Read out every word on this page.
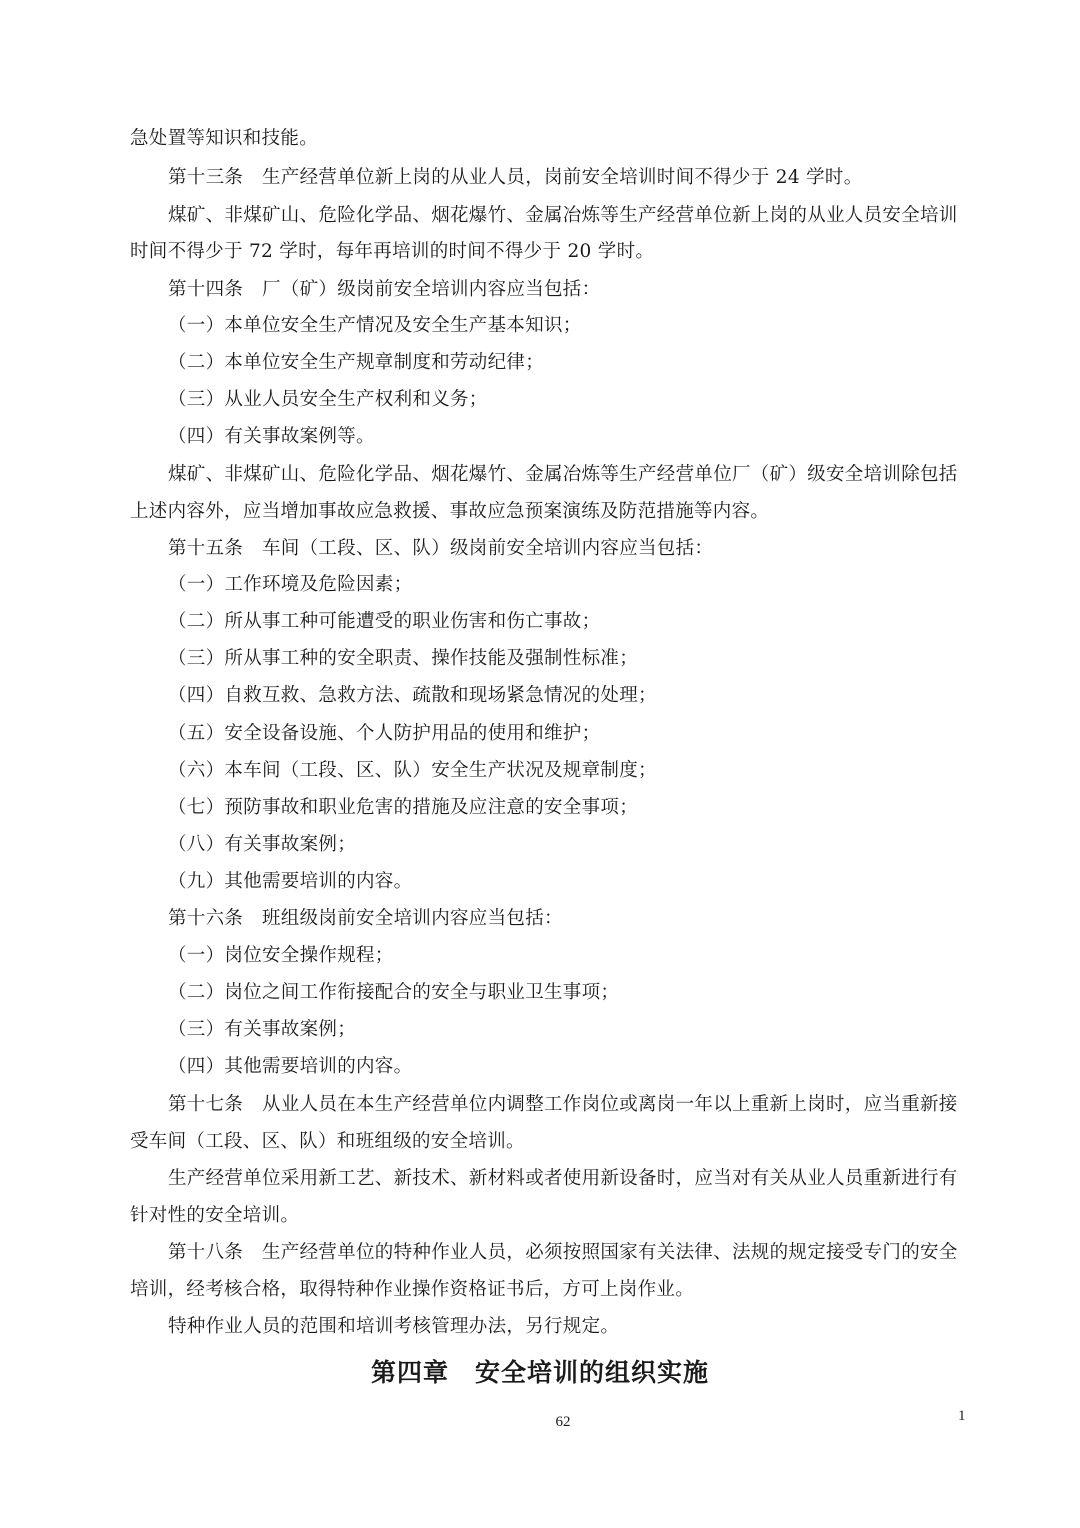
急处置等知识和技能。
第十三条　生产经营单位新上岗的从业人员，岗前安全培训时间不得少于 24 学时。
煤矿、非煤矿山、危险化学品、烟花爆竹、金属冶炼等生产经营单位新上岗的从业人员安全培训
时间不得少于 72 学时，每年再培训的时间不得少于 20 学时。
第十四条　厂（矿）级岗前安全培训内容应当包括：
（一）本单位安全生产情况及安全生产基本知识；
（二）本单位安全生产规章制度和劳动纪律；
（三）从业人员安全生产权利和义务；
（四）有关事故案例等。
煤矿、非煤矿山、危险化学品、烟花爆竹、金属冶炼等生产经营单位厂（矿）级安全培训除包括
上述内容外，应当增加事故应急救援、事故应急预案演练及防范措施等内容。
第十五条　车间（工段、区、队）级岗前安全培训内容应当包括：
（一）工作环境及危险因素；
（二）所从事工种可能遭受的职业伤害和伤亡事故；
（三）所从事工种的安全职责、操作技能及强制性标准；
（四）自救互救、急救方法、疏散和现场紧急情况的处理；
（五）安全设备设施、个人防护用品的使用和维护；
（六）本车间（工段、区、队）安全生产状况及规章制度；
（七）预防事故和职业危害的措施及应注意的安全事项；
（八）有关事故案例；
（九）其他需要培训的内容。
第十六条　班组级岗前安全培训内容应当包括：
（一）岗位安全操作规程；
（二）岗位之间工作衔接配合的安全与职业卫生事项；
（三）有关事故案例；
（四）其他需要培训的内容。
第十七条　从业人员在本生产经营单位内调整工作岗位或离岗一年以上重新上岗时，应当重新接
受车间（工段、区、队）和班组级的安全培训。
生产经营单位采用新工艺、新技术、新材料或者使用新设备时，应当对有关从业人员重新进行有
针对性的安全培训。
第十八条　生产经营单位的特种作业人员，必须按照国家有关法律、法规的规定接受专门的安全
培训，经考核合格，取得特种作业操作资格证书后，方可上岗作业。
特种作业人员的范围和培训考核管理办法，另行规定。
第四章　安全培训的组织实施
62	1
